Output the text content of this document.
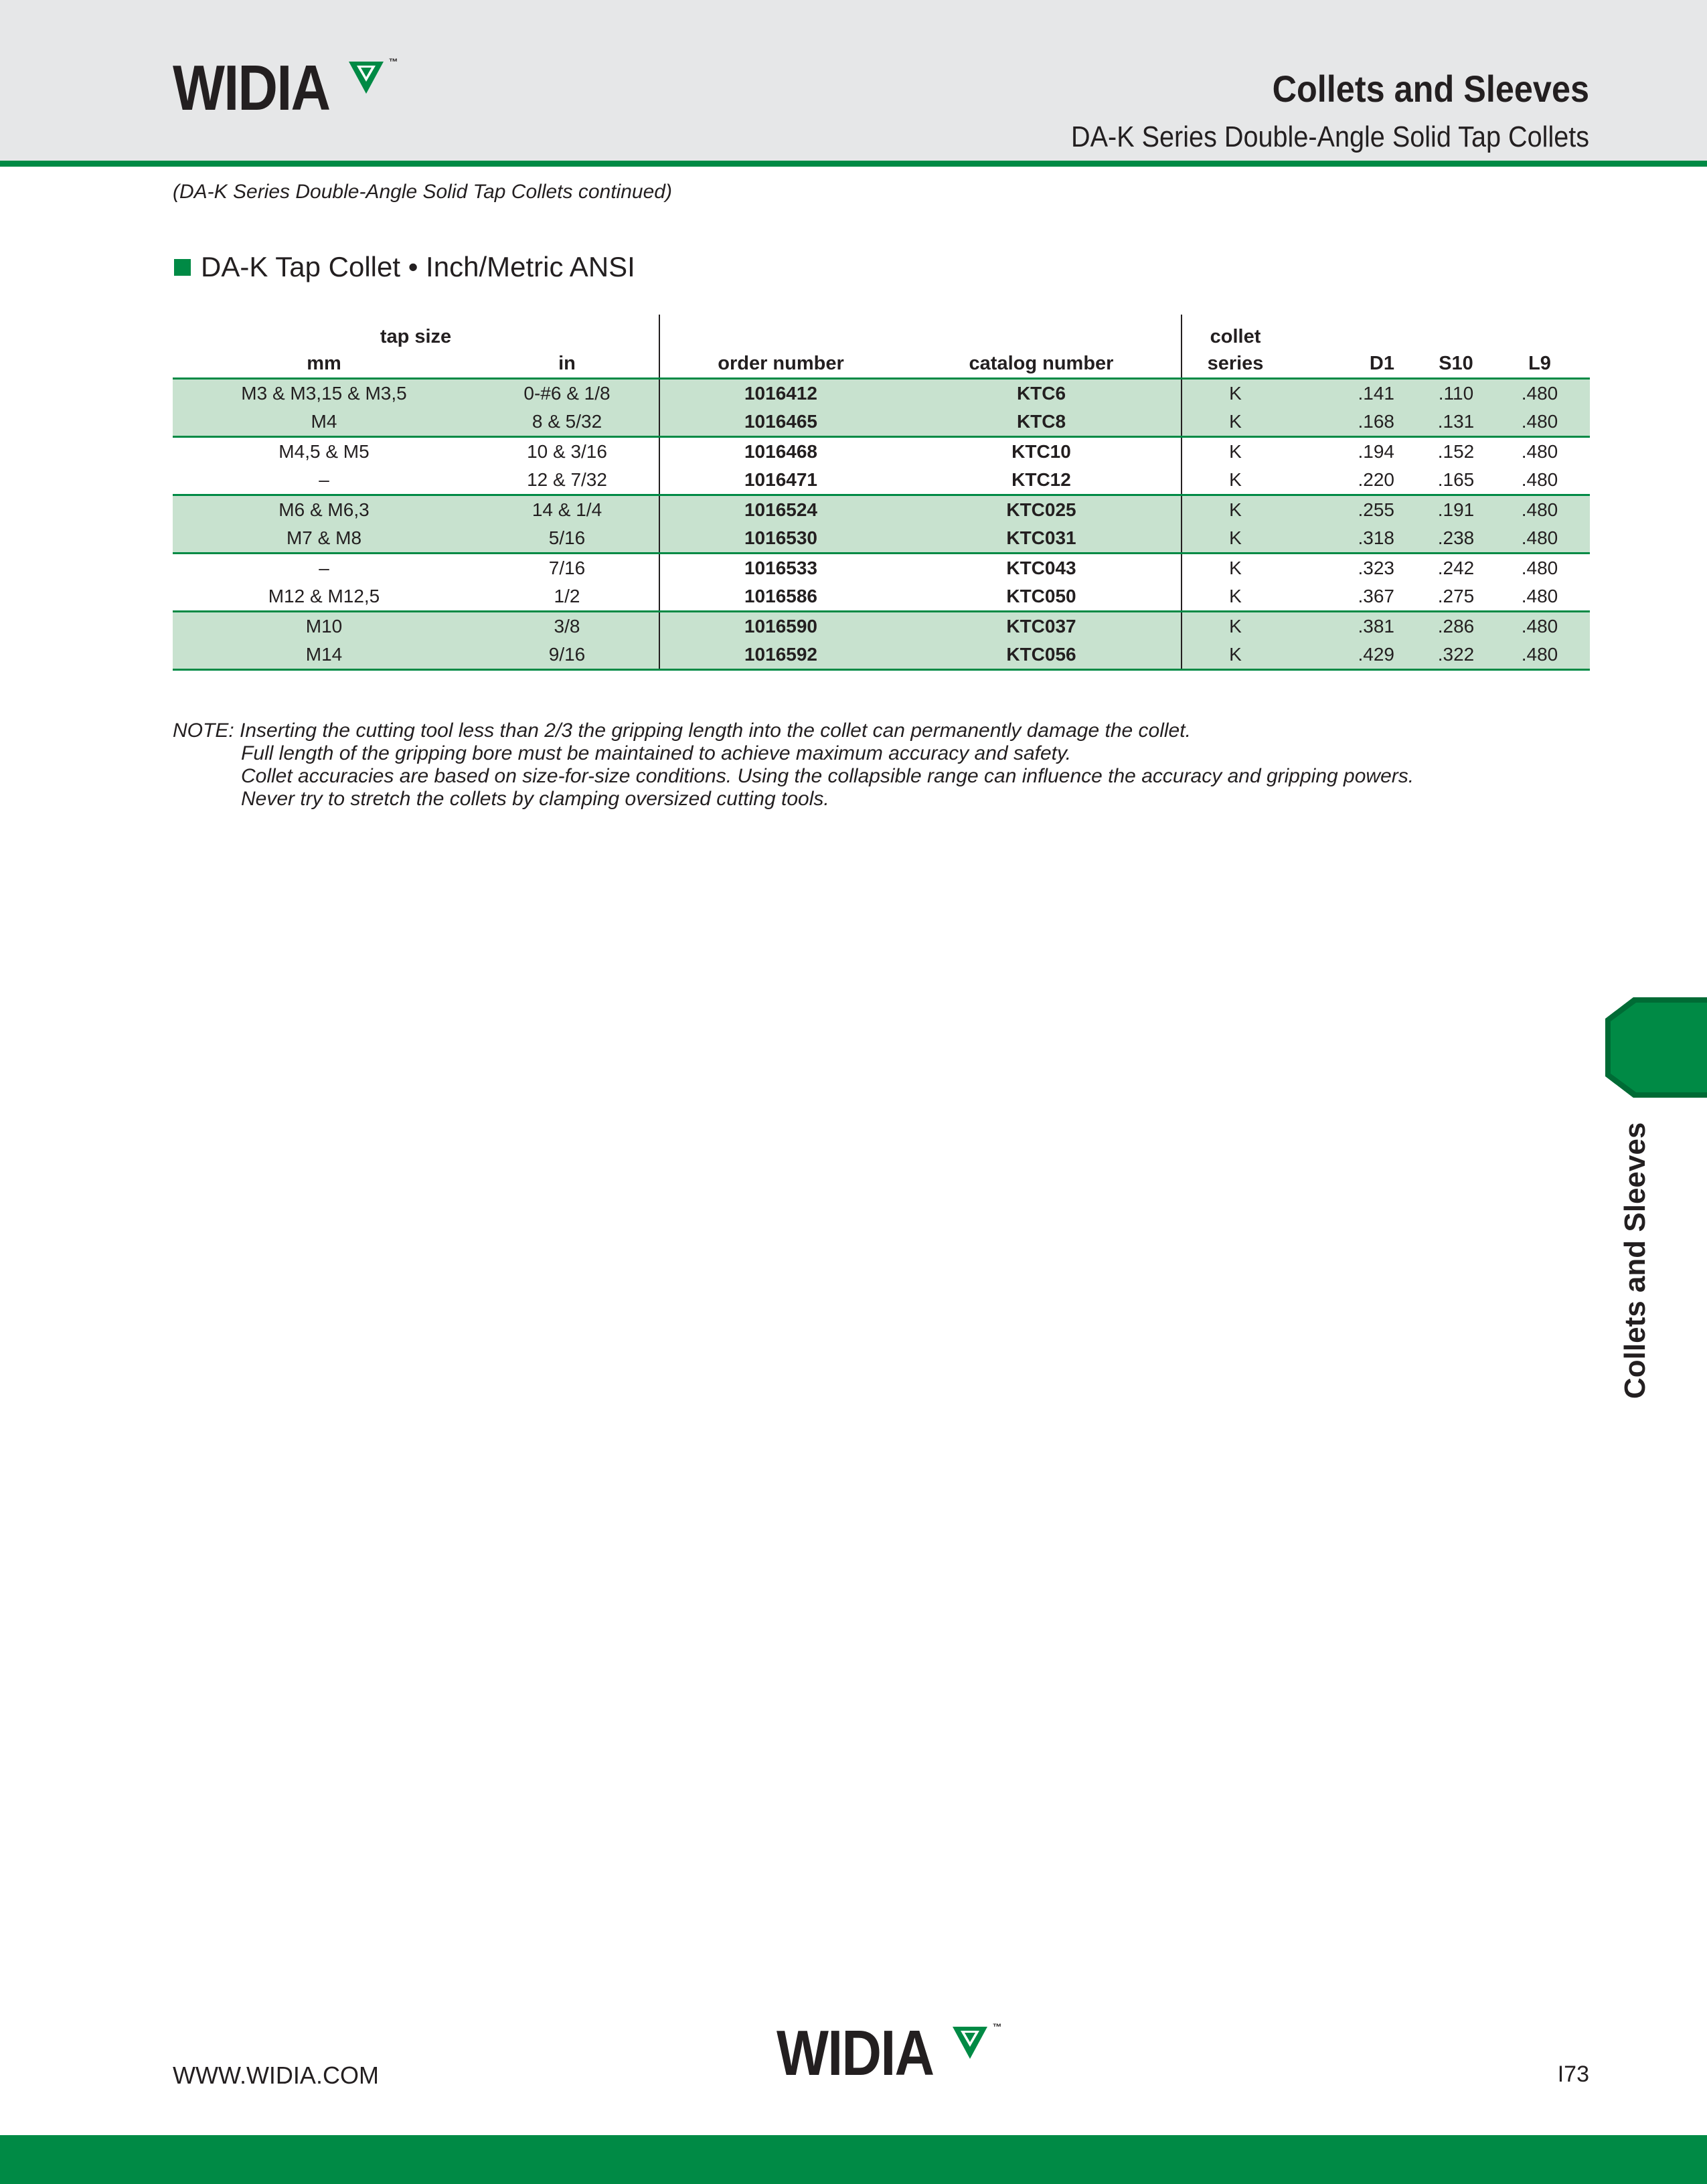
WIDIA	™
Collets and Sleeves
DA-K Series Double-Angle Solid Tap Collets
(DA-K Series Double-Angle Solid Tap Collets continued)
DA-K Tap Collet • Inch/Metric ANSI
tap size				collet			
mm	in	order number	catalog number	series	D1	S10	L9
M3 & M3,15 & M3,5	0-#6 & 1/8	1016412	KTC6	K	.141	.110	.480
M4	8 & 5/32	1016465	KTC8	K	.168	.131	.480
M4,5 & M5	10 & 3/16	1016468	KTC10	K	.194	.152	.480
–	12 & 7/32	1016471	KTC12	K	.220	.165	.480
M6 & M6,3	14 & 1/4	1016524	KTC025	K	.255	.191	.480
M7 & M8	5/16	1016530	KTC031	K	.318	.238	.480
–	7/16	1016533	KTC043	K	.323	.242	.480
M12 & M12,5	1/2	1016586	KTC050	K	.367	.275	.480
M10	3/8	1016590	KTC037	K	.381	.286	.480
M14	9/16	1016592	KTC056	K	.429	.322	.480
NOTE: Inserting the cutting tool less than 2/3 the gripping length into the collet can permanently damage the collet.
Full length of the gripping bore must be maintained to achieve maximum accuracy and safety.
Collet accuracies are based on size-for-size conditions. Using the collapsible range can influence the accuracy and gripping powers.
Never try to stretch the collets by clamping oversized cutting tools.
Collets and Sleeves
WWW.WIDIA.COM	WIDIA	™
I73
